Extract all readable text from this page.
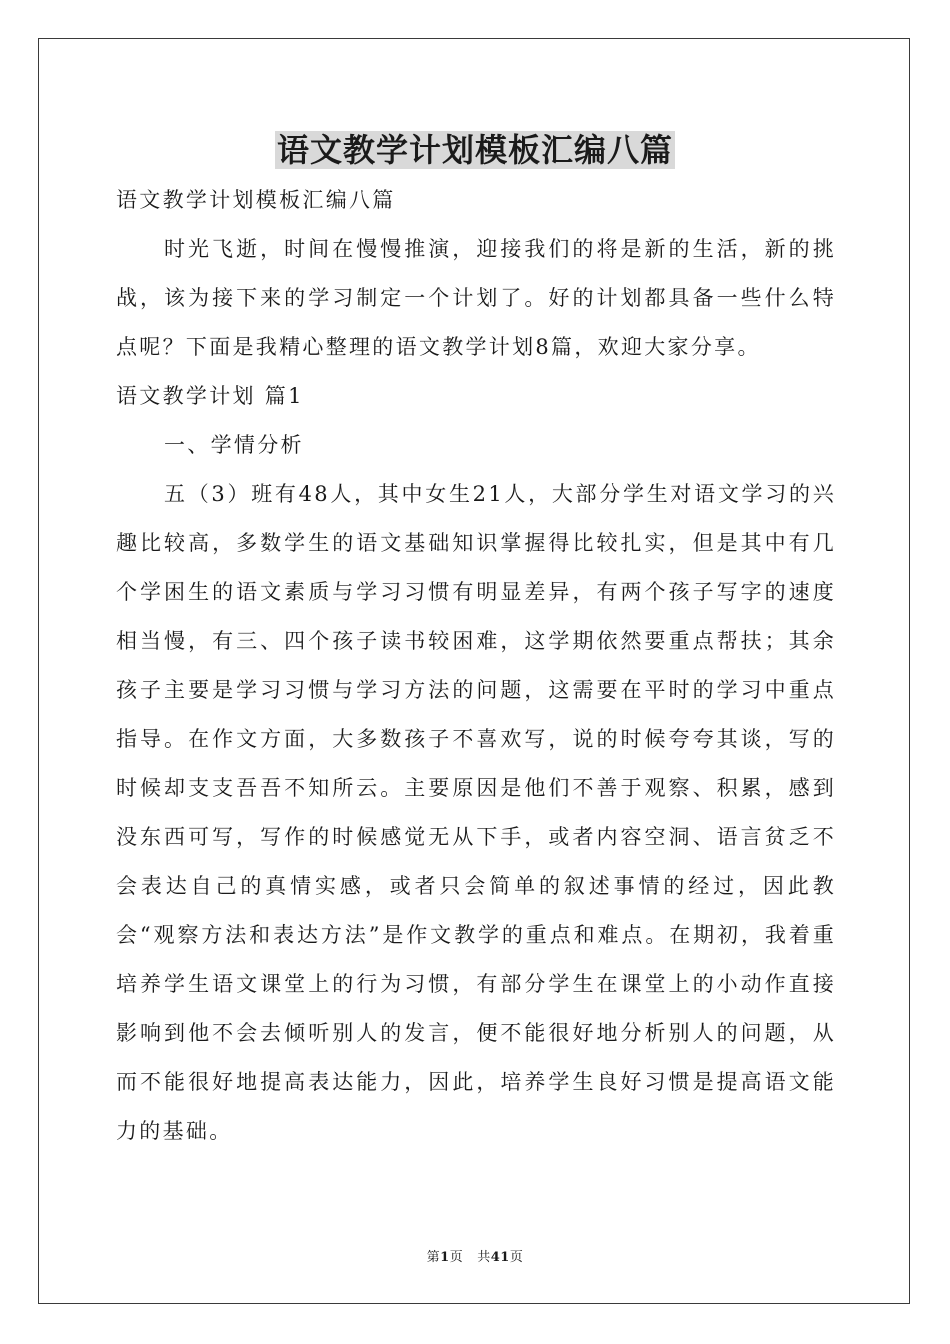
语文教学计划模板汇编八篇

语文教学计划模板汇编八篇

时光飞逝，时间在慢慢推演，迎接我们的将是新的生活，新的挑战，该为接下来的学习制定一个计划了。好的计划都具备一些什么特点呢？下面是我精心整理的语文教学计划8篇，欢迎大家分享。

语文教学计划 篇1

一、学情分析

五（3）班有48人，其中女生21人，大部分学生对语文学习的兴趣比较高，多数学生的语文基础知识掌握得比较扎实，但是其中有几个学困生的语文素质与学习习惯有明显差异，有两个孩子写字的速度相当慢，有三、四个孩子读书较困难，这学期依然要重点帮扶；其余孩子主要是学习习惯与学习方法的问题，这需要在平时的学习中重点指导。在作文方面，大多数孩子不喜欢写，说的时候夸夸其谈，写的时候却支支吾吾不知所云。主要原因是他们不善于观察、积累，感到没东西可写，写作的时候感觉无从下手，或者内容空洞、语言贫乏不会表达自己的真情实感，或者只会简单的叙述事情的经过，因此教会“观察方法和表达方法”是作文教学的重点和难点。在期初，我着重培养学生语文课堂上的行为习惯，有部分学生在课堂上的小动作直接影响到他不会去倾听别人的发言，便不能很好地分析别人的问题，从而不能很好地提高表达能力，因此，培养学生良好习惯是提高语文能力的基础。

第1页 共41页
